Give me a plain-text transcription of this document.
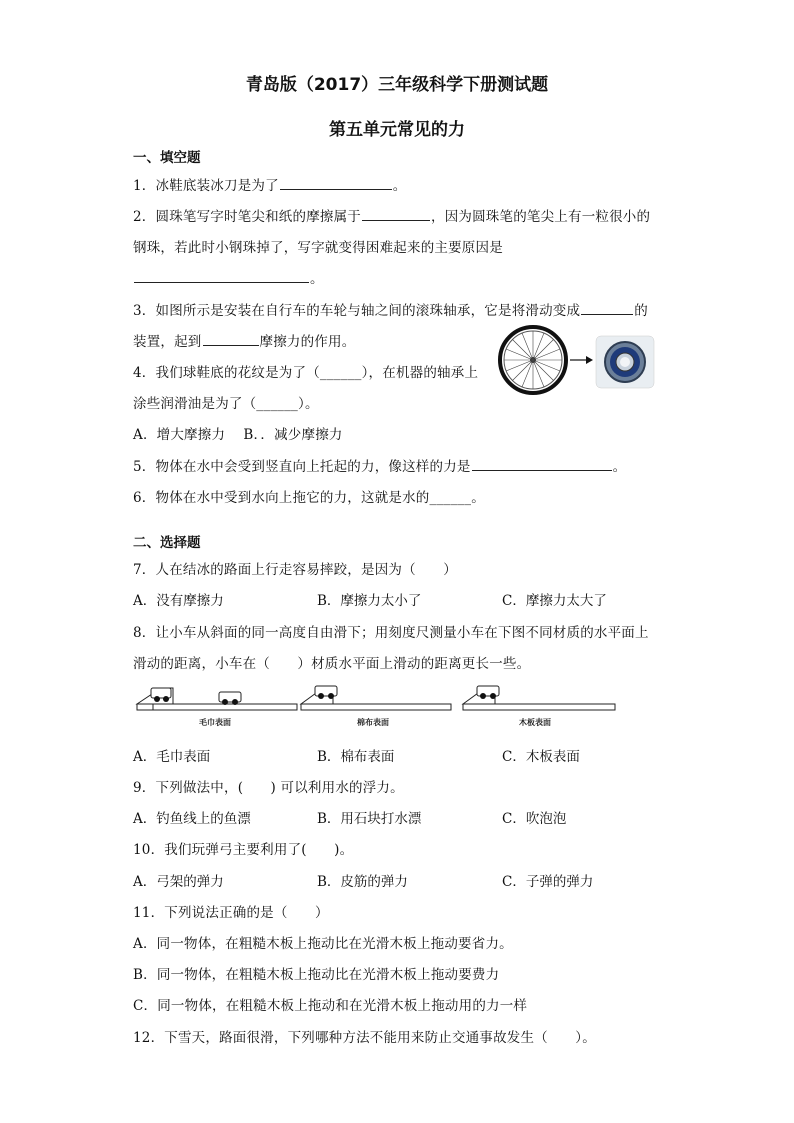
青岛版（2017）三年级科学下册测试题
第五单元常见的力
一、填空题
1．冰鞋底装冰刀是为了	。
2．圆珠笔写字时笔尖和纸的摩擦属于	，因为圆珠笔的笔尖上有一粒很小的
钢珠，若此时小钢珠掉了，写字就变得困难起来的主要原因是
。
3．如图所示是安装在自行车的车轮与轴之间的滚珠轴承，它是将滑动变成	的
装置，起到	摩擦力的作用。
4．我们球鞋底的花纹是为了（______），在机器的轴承上
涂些润滑油是为了（______）。
A．增大摩擦力　 B．．减少摩擦力
5．物体在水中会受到竖直向上托起的力，像这样的力是	。
6．物体在水中受到水向上拖它的力，这就是水的______。
二、选择题
7．人在结冰的路面上行走容易摔跤，是因为（　　）
A．没有摩擦力	B．摩擦力太小了	C．摩擦力太大了
8．让小车从斜面的同一高度自由滑下；用刻度尺测量小车在下图不同材质的水平面上
滑动的距离，小车在（　　）材质水平面上滑动的距离更长一些。
毛巾表面	棉布表面	木板表面
A．毛巾表面	B．棉布表面	C．木板表面
9．下列做法中，(　　) 可以利用水的浮力。
A．钓鱼线上的鱼漂	B．用石块打水漂	C．吹泡泡
10．我们玩弹弓主要利用了(　　)。
A．弓架的弹力	B．皮筋的弹力	C．子弹的弹力
11．下列说法正确的是（　　）
A．同一物体，在粗糙木板上拖动比在光滑木板上拖动要省力。
B．同一物体，在粗糙木板上拖动比在光滑木板上拖动要费力
C．同一物体，在粗糙木板上拖动和在光滑木板上拖动用的力一样
12．下雪天，路面很滑，下列哪种方法不能用来防止交通事故发生（　　）。
